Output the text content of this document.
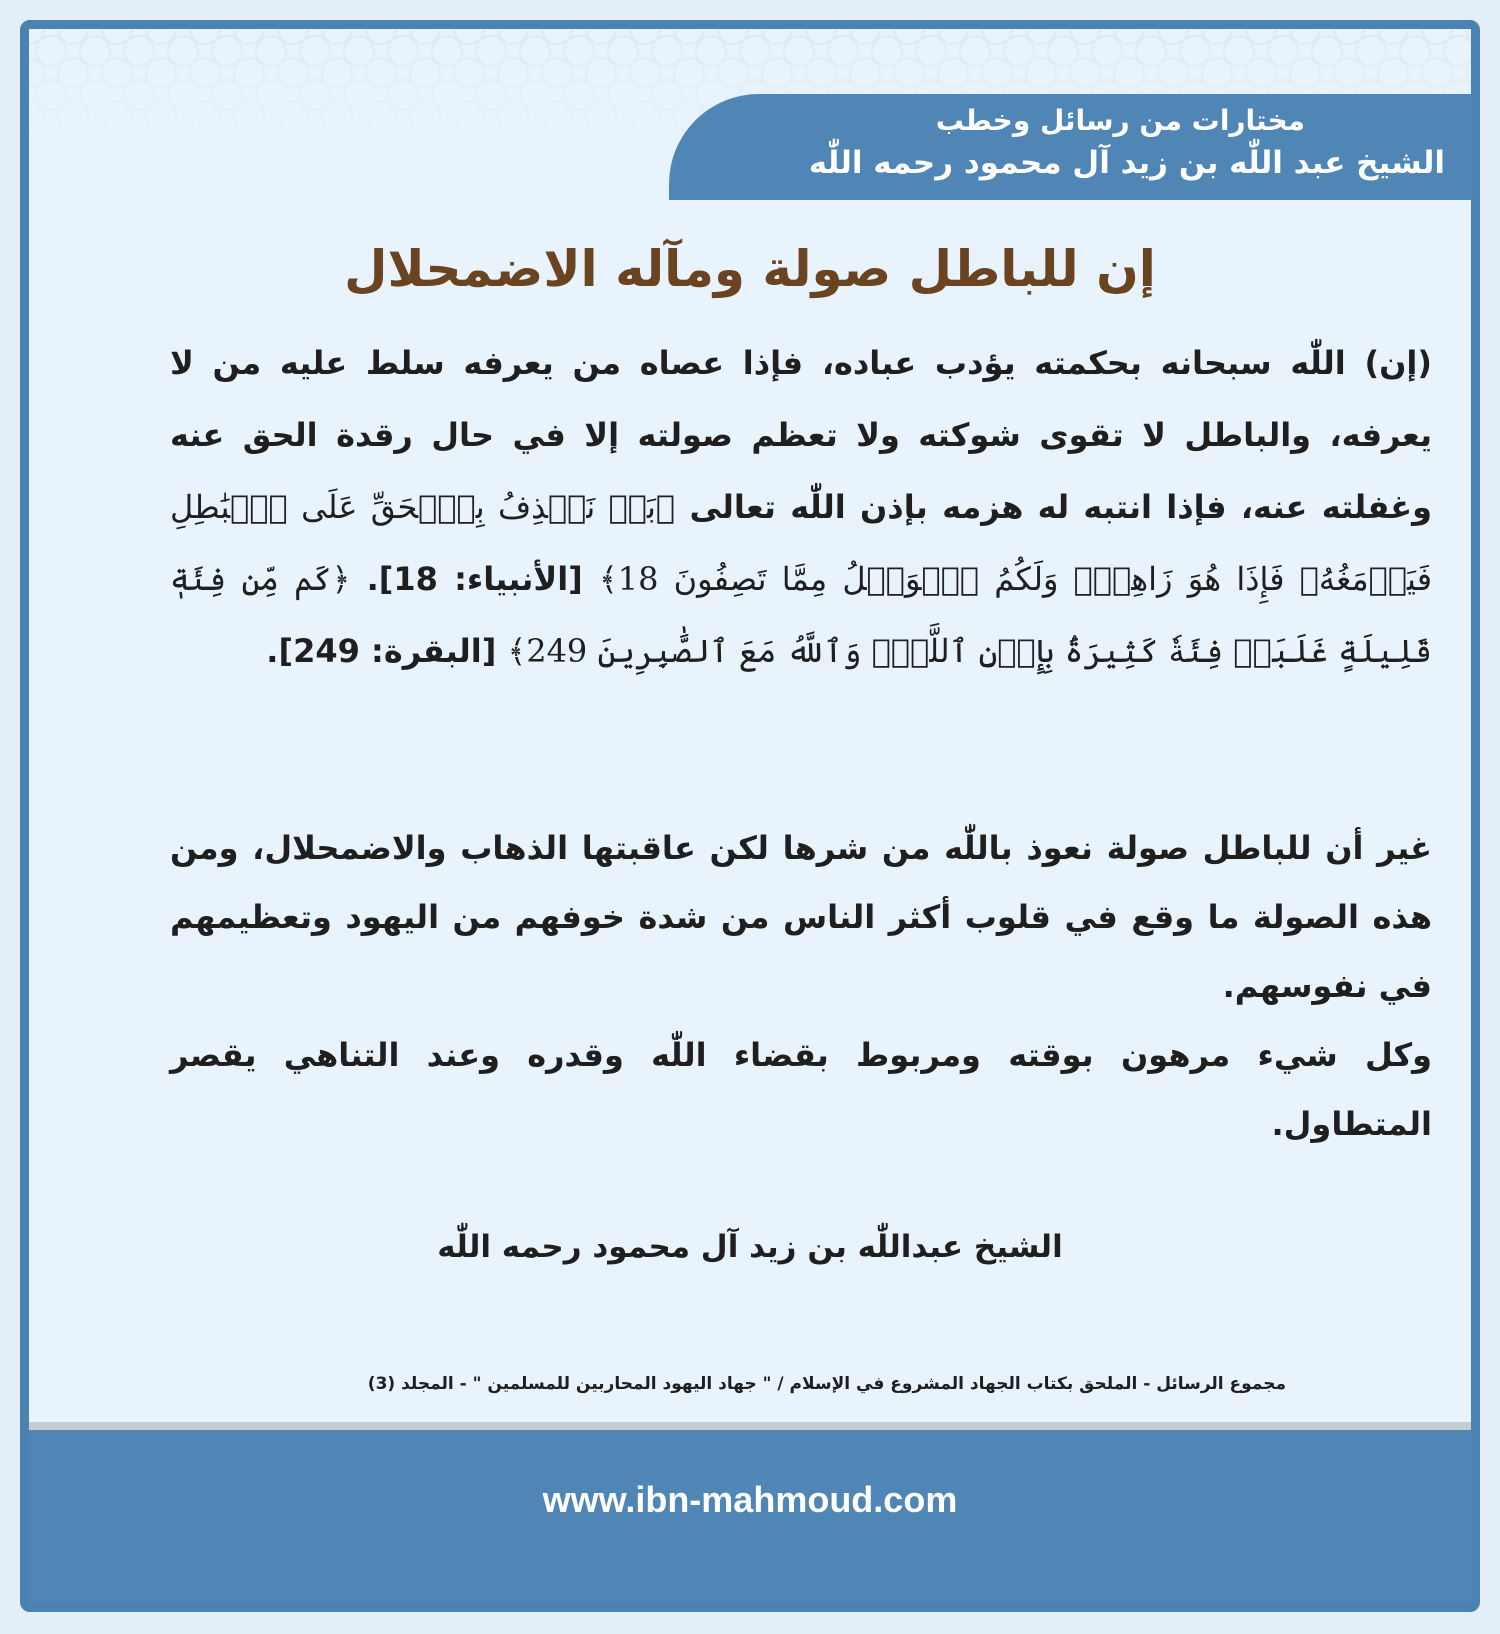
مختارات من رسائل وخطب
الشيخ عبد اللّٰه بن زيد آل محمود رحمه اللّٰه
إن للباطل صولة ومآله الاضمحلال
(إن) اللّٰه سبحانه بحكمته يؤدب عباده، فإذا عصاه من يعرفه سلط عليه من لا يعرفه، والباطل لا تقوى شوكته ولا تعظم صولته إلا في حال رقدة الحق عنه وغفلته عنه، فإذا انتبه له هزمه بإذن اللّٰه تعالى ﴿بَلۡ نَقۡذِفُ بِٱلۡحَقِّ عَلَى ٱلۡبَٰطِلِ فَيَدۡمَغُهُۥ فَإِذَا هُوَ زَاهِقٞۚ وَلَكُمُ ٱلۡوَيۡلُ مِمَّا تَصِفُونَ 18﴾ [الأنبياء: 18]. ﴿كَم مِّن فِئَةٖ قَلِيلَةٍ غَلَبَتۡ فِئَةٗ كَثِيرَةَۢ بِإِذۡنِ ٱللَّهِۗ وَٱللَّهُ مَعَ ٱلصَّٰبِرِينَ 249﴾ [البقرة: 249].
غير أن للباطل صولة نعوذ باللّٰه من شرها لكن عاقبتها الذهاب والاضمحلال، ومن هذه الصولة ما وقع في قلوب أكثر الناس من شدة خوفهم من اليهود وتعظيمهم في نفوسهم.
وكل شيء مرهون بوقته ومربوط بقضاء اللّٰه وقدره وعند التناهي يقصر المتطاول.
الشيخ عبداللّٰه بن زيد آل محمود رحمه اللّٰه
مجموع الرسائل - الملحق بكتاب الجهاد المشروع في الإسلام / " جهاد اليهود المحاربين للمسلمين " - المجلد (3)
www.ibn-mahmoud.com
